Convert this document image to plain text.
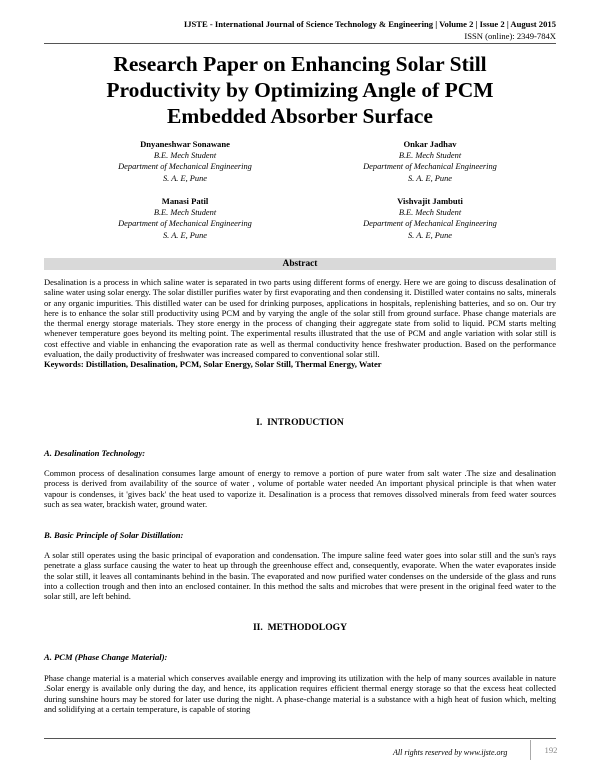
IJSTE - International Journal of Science Technology & Engineering | Volume 2 | Issue 2 | August 2015
ISSN (online): 2349-784X
Research Paper on Enhancing Solar Still
Productivity by Optimizing Angle of PCM
Embedded Absorber Surface
Dnyaneshwar Sonawane
B.E. Mech Student
Department of Mechanical Engineering
S. A. E, Pune
Onkar Jadhav
B.E. Mech Student
Department of Mechanical Engineering
S. A. E, Pune
Manasi Patil
B.E. Mech Student
Department of Mechanical Engineering
S. A. E, Pune
Vishvajit Jambuti
B.E. Mech Student
Department of Mechanical Engineering
S. A. E, Pune
Abstract
Desalination is a process in which saline water is separated in two parts using different forms of energy. Here we are going to discuss desalination of saline water using solar energy. The solar distiller purifies water by first evaporating and then condensing it. Distilled water contains no salts, minerals or any organic impurities. This distilled water can be used for drinking purposes, applications in hospitals, replenishing batteries, and so on. Our try here is to enhance the solar still productivity using PCM and by varying the angle of the solar still from ground surface. Phase change materials are the thermal energy storage materials. They store energy in the process of changing their aggregate state from solid to liquid. PCM starts melting whenever temperature goes beyond its melting point. The experimental results illustrated that the use of PCM and angle variation with solar still is cost effective and viable in enhancing the evaporation rate as well as thermal conductivity hence freshwater production. Based on the performance evaluation, the daily productivity of freshwater was increased compared to conventional solar still.
Keywords: Distillation, Desalination, PCM, Solar Energy, Solar Still, Thermal Energy, Water
I. INTRODUCTION
A. Desalination Technology:
Common process of desalination consumes large amount of energy to remove a portion of pure water from salt water .The size and desalination process is derived from availability of the source of water , volume of portable water needed An important physical principle is that when water vapour is condenses, it 'gives back' the heat used to vaporize it. Desalination is a process that removes dissolved minerals from feed water sources such as sea water, brackish water, ground water.
B. Basic Principle of Solar Distillation:
A solar still operates using the basic principal of evaporation and condensation. The impure saline feed water goes into solar still and the sun's rays penetrate a glass surface causing the water to heat up through the greenhouse effect and, consequently, evaporate. When the water evaporates inside the solar still, it leaves all contaminants behind in the basin. The evaporated and now purified water condenses on the underside of the glass and runs into a collection trough and then into an enclosed container. In this method the salts and microbes that were present in the original feed water to the solar still, are left behind.
II. METHODOLOGY
A. PCM (Phase Change Material):
Phase change material is a material which conserves available energy and improving its utilization with the help of many sources available in nature .Solar energy is available only during the day, and hence, its application requires efficient thermal energy storage so that the excess heat collected during sunshine hours may be stored for later use during the night. A phase-change material is a substance with a high heat of fusion which, melting and solidifying at a certain temperature, is capable of storing
All rights reserved by www.ijste.org	192
